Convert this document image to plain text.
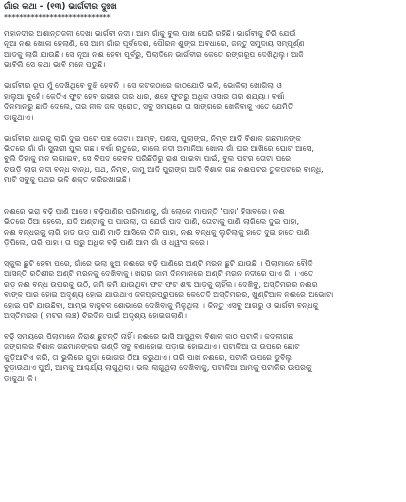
ଗାଁର କଥା - (୧୩) ଭାର୍ଗବୀର ଦୁଃଖ
****************************
ମହାନଦୀର ଅଶାନ୍ତଜଳୀ ଦେଖା ଭାର୍ଗବୀ ନଦୀ। ଆମ ଗାଁକୁ ବୁଲ ପାଖ ଘେରି ରହିଛି। ଭାର୍ଗବୀକୁ ଚିରି ଯେଉଁ
ନୂଆ ନଈ ଖୋଳା ହେଲାଣି, ସେ ଆମ ଗାଁର ପୂର୍ବଦେଶ, ପୌରନ ଶୁଙ୍ଗ ଅବଧାରେ, ଜନ୍ତୁ ସମୁଦାୟ ସମ୍ପୂର୍ଣ୍ଣ
ଆଡକୁ ଲାଗି ଯାଉଛି। ସେ ନୂଆ ନଈ ହେବା ପୂର୍ବରୁ, ପିଲାଦିନେ ଭାର୍ଗବୀର କେତେ ରଙ୍ଗରୂପ ଦେଖିଥିଲୁ। ଆଜି
ଭାବିଲି ସେ କଥା ଭାବି ମନେ ପଡୁଛି।
ଭାର୍ଗବୀର ରୂପ ମୁଁ ଦେଖିଥିବେ ବୁଝି ହେବନି । ସେ କଟକଠାରେ କାଠଯୋଡି ଭଳି, ଭୋକିଲା ଖୋଗିଲା ଓ
ହାଲୁଆ ବୁହେଁ। କେତିଏ ଫୁଟ ହେବ ଗଭୀର ତାର ଧାର, ଶହେ ଫୁଟରୁ ଅଧିକ ଓସାର ତାର ଶଯ୍ୟା। ବର୍ଷା
ଦିନମାନରୁ ଛାଡି ଦେଲେ, ତାର ନୀଳ ଜଳ ସ୍ରୋତ, ସବୁ ସମୟରେ ତା ସାଙ୍ଗରେ ଖେଳିବାକୁ ଏତେ ଯେମିତି
ଡାକୁଥାଏ।
ଭାର୍ଗବୀର ଧାରକୁ ଲାଗି ଦୁଇ ପଟେ ପଞ୍ଚ ତୋଟା। ଆମ୍ବ, ପଣସ, ପୁଲାଙ୍ଗ, ନିମ୍ବ ଆଦି ବିଶାଳ ଗଛମାନଙ୍କ
ଭିତରେ ଗାଁ ଗାଁ ସୁନାରୀ ପୁଲ ଗଛ। ବର୍ଷା ଋତୁରେ, କାଲେ ନଦୀ ଅମାନିଆ ଖୋଲ ଗାଁ ଘର ଆଖିରେ ଘୋଟ ଆସେ,
ବୁଲି ଡିହାକୁ ମନ ଲଗାଇବ, ସେ ବିପଦ କେବଳ ପରିଛିଡ଼ିରୁ ରାଶ ପାଇବା ପାଇଁ, ବୁଲ ପଟର ତୋଟା ପରେ
ଚଉଡ଼ି ଲାଗ ନଦୀ ବନ୍ଧ ବାନ୍ଧ, ପଥ, ନିମ୍ବ, ଜାମୁ ଆଦି ପୁରାଙ୍ଗ ଆଦି ବିଶାଳ ଗଛ ନଈପଟର ତୁଳପଟରେ ବାନ୍ଧି,
ମାଟି ସବୁକୁ ପଥର ଭଳି ଶକ୍ତ କରିରଖାଇଛି।
ନଈରେ ଭରା ବଢ଼ି ପାଣି ଆସେ। ବଢ଼ିପାଣିର ପରିମାଣକୁ, ଗାଁ ଲୋକେ ମାପନ୍ତି 'ପାହା' ହିସାବରେ। ନଈ
ଭିତରେ ଠିଆ ହେଲେ, ଯଦି ଅଣ୍ଟାକୁ ପ ପାଉଲା, ତା ଯେଉଁ ପାଦ ପାଣି, ତୋଟାକୁ ପାଣି ଲାଗିଲେ ଦୁଇ ପାହା,
ନଈ ବନ୍ଧରକୁ ଲାଗି ହାଡ ଉଡ଼ ପାଣି ମାଡି ଆସିଲେ ତିନି ପାହା, ନଈ ବନ୍ଧକୁ ଲୁଚିଲାକୁ ହାତେ ଦୁଇ ହାତେ ପାଣି
ଡ଼ିପିଲେ, ତାରି ପାହା। ତା ପରୁ ଅଧିକ ବଢ଼ି ପାଣି ଆମ ଗାଁ ଓ ଧ୍ୱଂସ କରେ।
ସ୍କୁଲ ଛୁଟି ହେବା ପରେ, ଗାଁରେ ଭଲା ଝୁଅ ନଈରେ ବଢ଼ି ପାଣିରେ ଅଣ୍ଟି ମରନ ଛୁଟି ଯାଉଛି । ପିଲାମାନେ ବୌଦି
ଆସନ୍ତି ରତିଶୀର ଅଣ୍ଟି ମରନକୁ ଦେଖିବାକୁ। ଖରାର ଜାମ ଦିନମାନରେ ଅଣ୍ଟି ମରନ ନଦୀରେ ପାଏ ଗି । ଏତେ
ରଡ଼ ନଈ ବନ୍ଧ ଉପରକୁ ଉଠି, ଜମି କମି ଯାଉଥିବା ଫଟ ଫଟ ଶବ୍ଦ ଆଡ଼କୁ ଚାହିଁଲ। ଦେଖିବୁ, ଅସ୍ତିମରର ନଈର
ବାଙ୍କ ପାର ହୋଇ ଅଦୃଶ୍ୟ ହୋଇ ଯାଉଥାଏ ଜଳପ୍ରପ୍ରୁପରେ କେତେଦି ଅସ୍ତିମରର, ଖୁଣ୍ଟିଆଳ ନଈରେ ଅଭୋଟା
ହୋଇ ପଟି ଯାଉଛିବା, ଆମ୍ଭ ବାହୁବଳ ଶୋଭାରେ ଦେଖିବାକୁ ମିଳୁଥିଲା । କିନ୍ତୁ ଏସବୁ ଆଗରୁ ଓ ଭାର୍ଗବୀ ବନ୍ଧକୁ
ଅସ୍ତିମରର ( ମଟର ଲଞ୍ଚ) ଚିରଦିନ ପାଇଁ ଅଦୃଶ୍ୟ ହୋଇଗଲାଣି।
ବଢ଼ି ସମୟରେ ପିଲାମାନେ ନିରାଶ ଛୁଟନ୍ତି ନାହିଁ। ନଈରେ ଭାସି ଆସୁଥିବା ବିଶାଳ କାଠ ପଟାଳି। କଦଳୀଗଛ
ଜଙ୍ଗଲର ବିଶାଳ ଗଛମାନଙ୍କର ଗଣ୍ଡି ସବୁ ବଣାହୋଇ ପଡ଼ାଇ ହୋଇଥାଏ। ପଟାଳିଆ ତା ଉପରେ ଛୋଟ
କୁଡ଼ିଆଟିଏ କରି, ତା ଭୁଲିରେ ଗୁଡ଼ା ଭୋଗର ଠିଆ କରୁଥାଏ। ତାରି ପାଖ ନଈରେ, ପଟାଳି ଉପରେ ଡୁବିଲୁ
ବୁଡ଼ାଉଥାଏ ପୁଅଁ, ଆମକୁ ଆଶ୍ଚର୍ଯ୍ୟ ଲାଗୁଥିଲା। ଭଲ ଲାଗୁଥିଲା ଦେଖିବାକୁ, ପଟାଳିଆ ଆମକୁ ପଟାଳିର ଉପରକୁ
ଡାକୁଥା କି।
